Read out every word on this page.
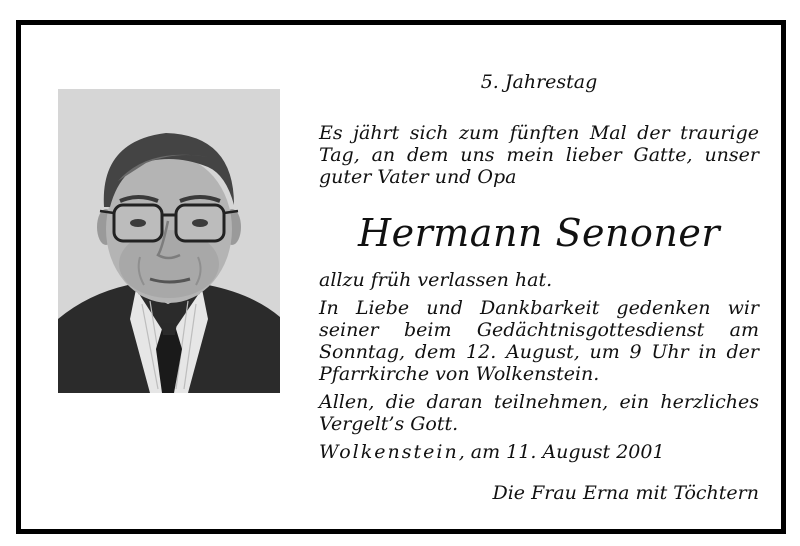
5. Jahrestag
Es jährt sich zum fünften Mal der traurige Tag, an dem uns mein lieber Gatte, unser guter Vater und Opa
Hermann Senoner
allzu früh verlassen hat.
In Liebe und Dankbarkeit gedenken wir seiner beim Gedächtnisgottesdienst am Sonntag, dem 12. August, um 9 Uhr in der Pfarrkirche von Wolkenstein.
Allen, die daran teilnehmen, ein herzliches Vergelt’s Gott.
Wolkenstein, am 11. August 2001
Die Frau Erna mit Töchtern
